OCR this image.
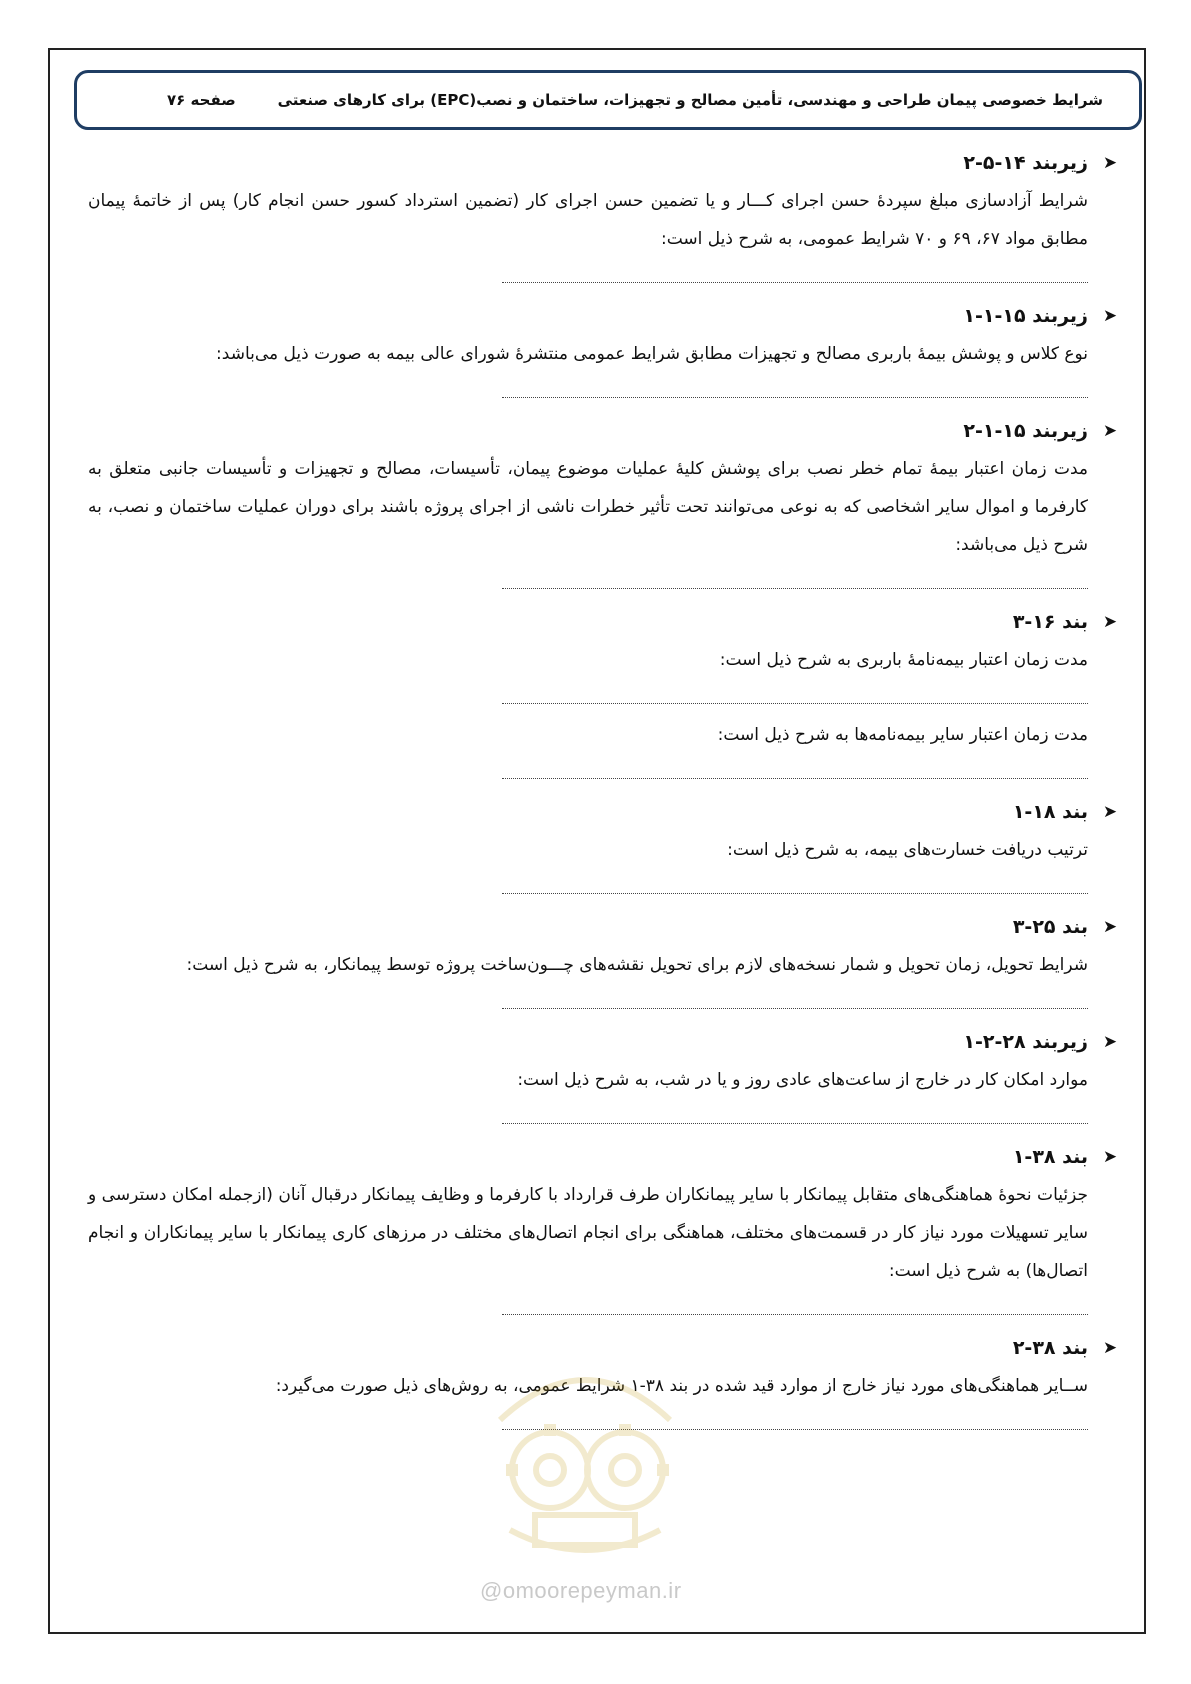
شرایط خصوصی پیمان طراحی و مهندسی، تأمین مصالح و تجهیزات، ساختمان و نصب(EPC) برای کارهای صنعتی
صفحه ۷۶
➤
زیربند ۱۴-۵-۲

شرایط آزادسازی مبلغ سپردهٔ حسن اجرای کـــار و یا تضمین حسن اجرای کار (تضمین استرداد کسور حسن انجام کار) پس از خاتمهٔ پیمان مطابق مواد ۶۷، ۶۹ و ۷۰ شرایط عمومی، به شرح ذیل است:

➤
زیربند ۱۵-۱-۱

نوع کلاس و پوشش بیمهٔ باربری مصالح و تجهیزات مطابق شرایط عمومی منتشرهٔ شورای عالی بیمه به صورت ذیل می‌باشد:

➤
زیربند ۱۵-۱-۲

مدت زمان اعتبار بیمهٔ تمام خطر نصب برای پوشش کلیهٔ عملیات موضوع پیمان، تأسیسات، مصالح و تجهیزات و تأسیسات جانبی متعلق به کارفرما و اموال سایر اشخاصی که به نوعی می‌توانند تحت تأثیر خطرات ناشی از اجرای پروژه باشند برای دوران عملیات ساختمان و نصب، به شرح ذیل می‌باشد:

➤
بند ۱۶-۳

مدت زمان اعتبار بیمه‌نامهٔ باربری به شرح ذیل است:

مدت زمان اعتبار سایر بیمه‌نامه‌ها به شرح ذیل است:

➤
بند ۱۸-۱

ترتیب دریافت خسارت‌های بیمه، به شرح ذیل است:

➤
بند ۲۵-۳

شرایط تحویل، زمان تحویل و شمار نسخه‌های لازم برای تحویل نقشه‌های چـــون‌ساخت پروژه توسط پیمانکار، به شرح ذیل است:

➤
زیربند ۲۸-۲-۱

موارد امکان کار در خارج از ساعت‌های عادی روز و یا در شب، به شرح ذیل است:

➤
بند ۳۸-۱

جزئیات نحوهٔ هماهنگی‌های متقابل پیمانکار با سایر پیمانکاران طرف قرارداد با کارفرما و وظایف پیمانکار درقبال آنان (ازجمله امکان دسترسی و سایر تسهیلات مورد نیاز کار در قسمت‌های مختلف، هماهنگی برای انجام اتصال‌های مختلف در مرزهای کاری پیمانکار با سایر پیمانکاران و انجام اتصال‌ها) به شرح ذیل است:

➤
بند ۳۸-۲

ســایر هماهنگی‌های مورد نیاز خارج از موارد قید شده در بند ۳۸-۱ شرایط عمومی، به روش‌های ذیل صورت می‌گیرد:

@omoorepeyman.ir
